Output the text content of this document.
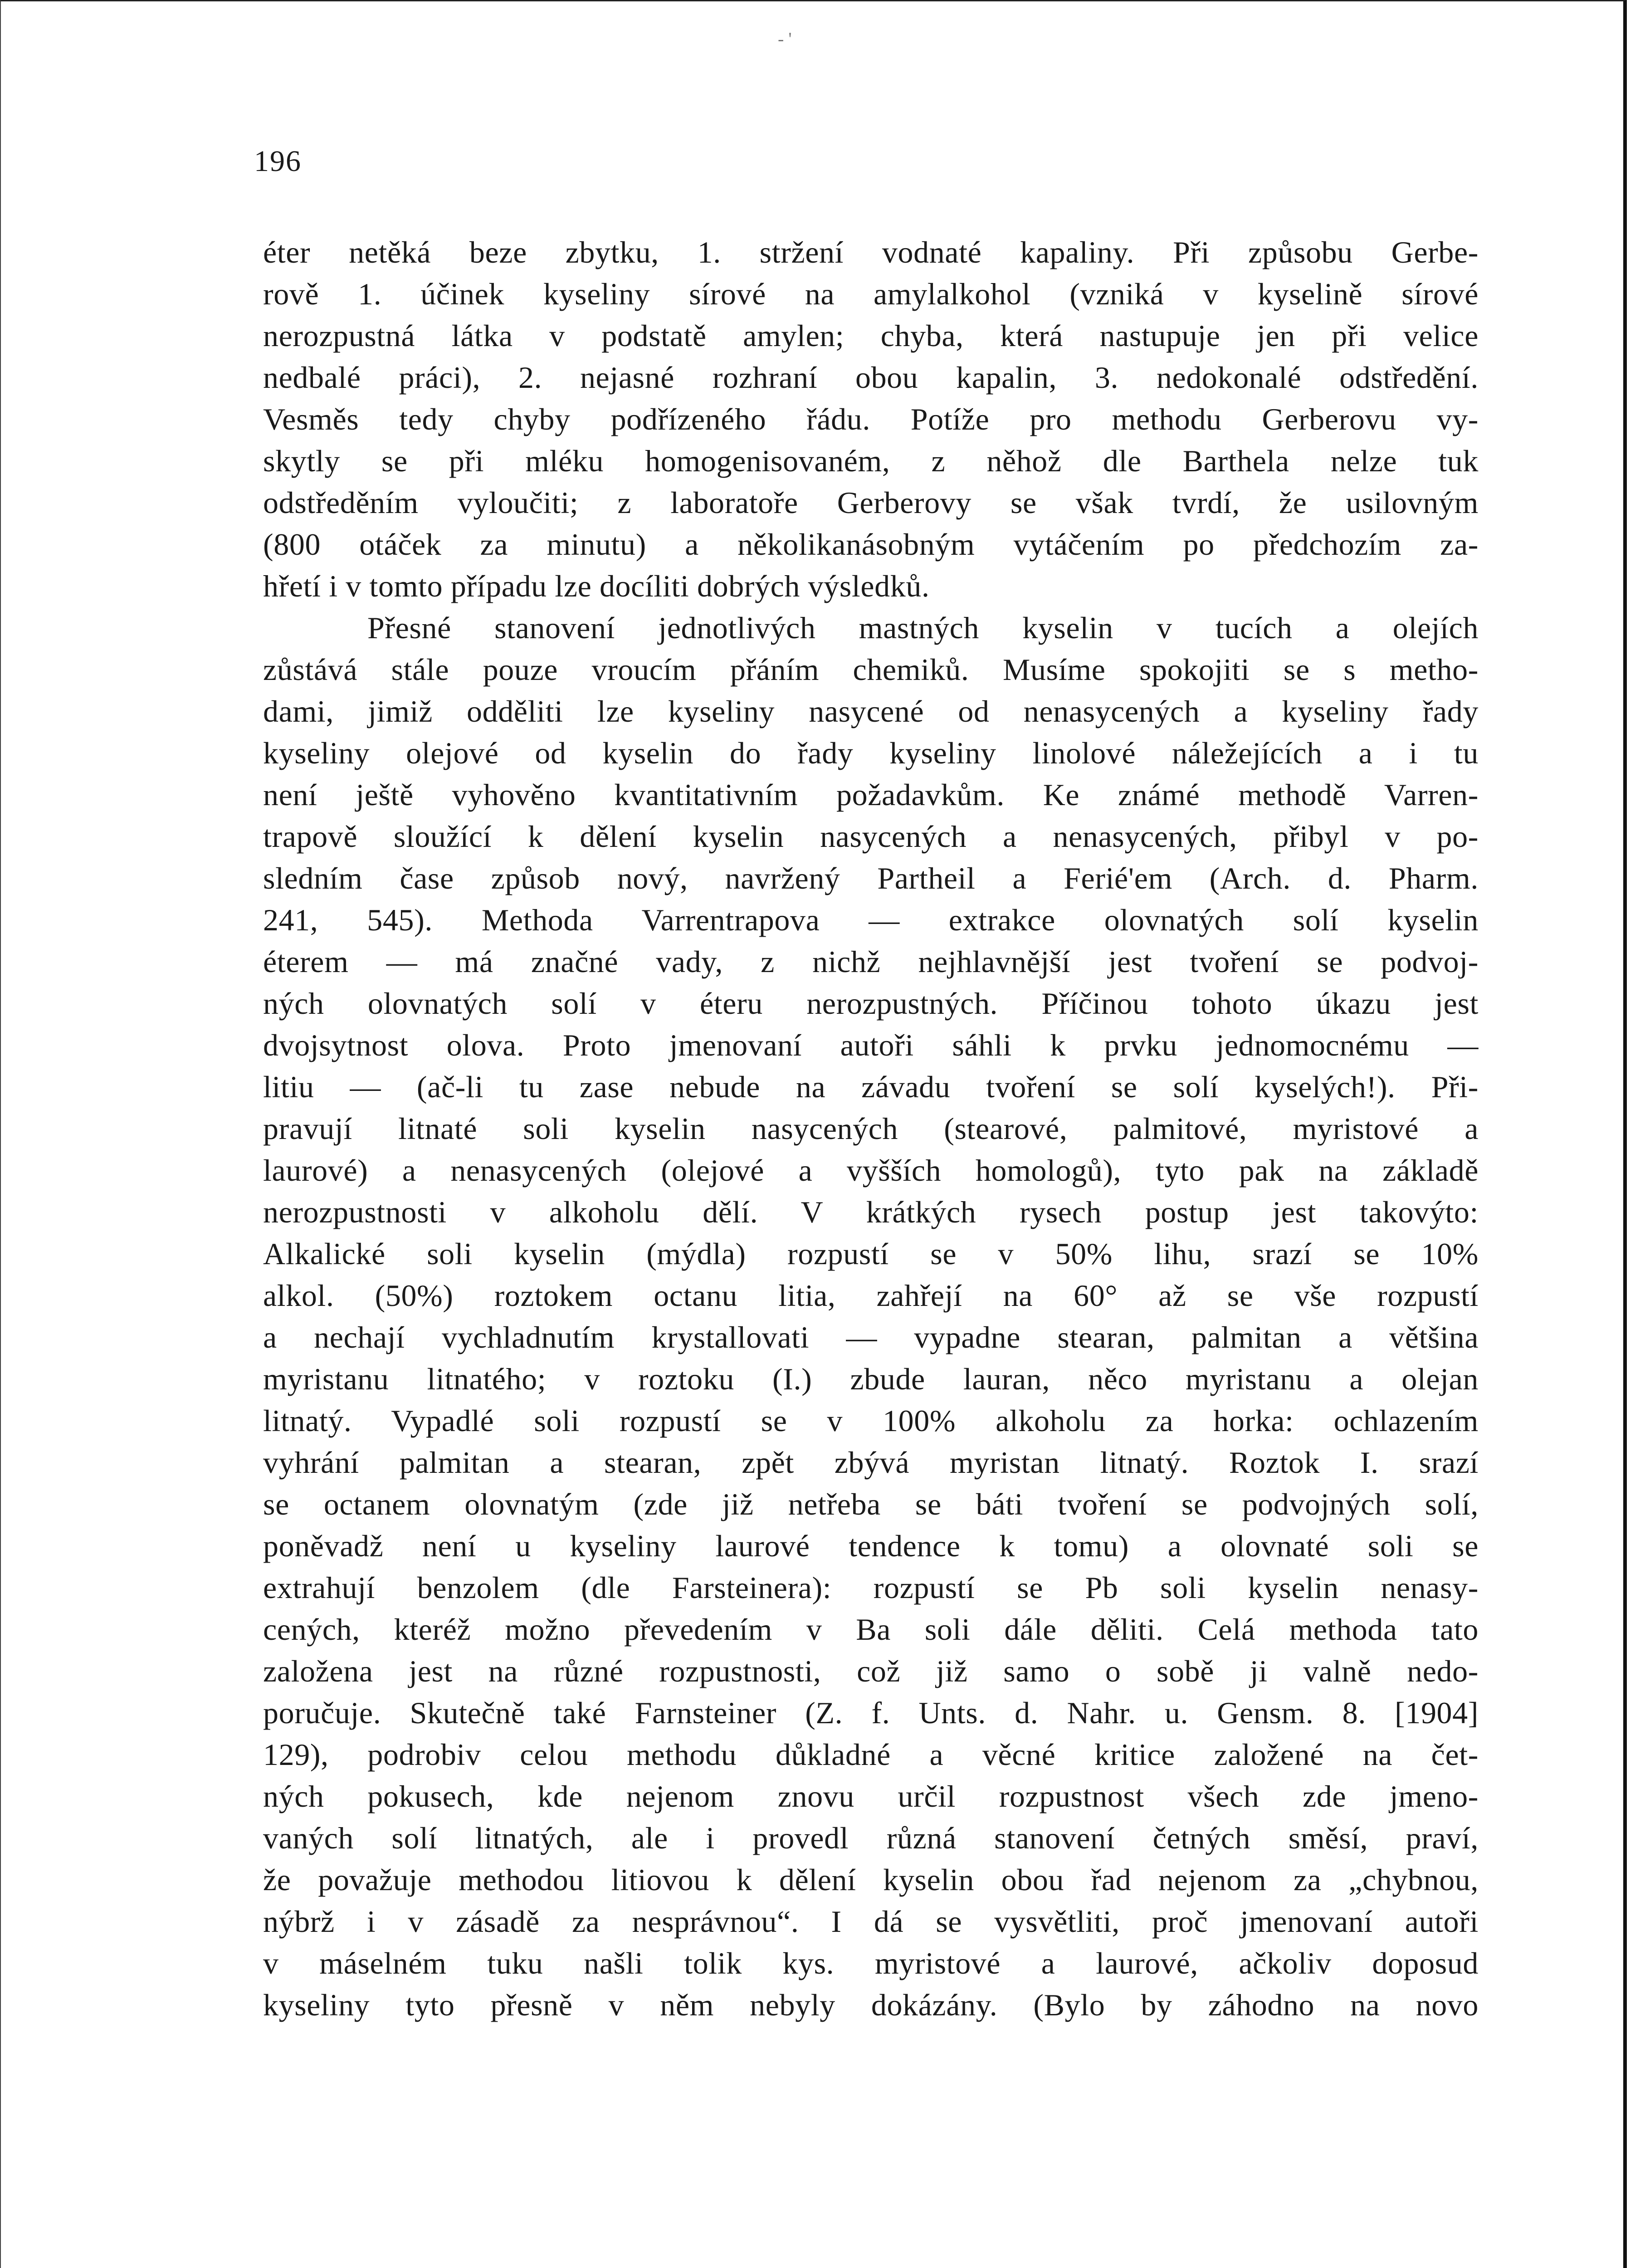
- '
196
éter netěká beze zbytku, 1. stržení vodnaté kapaliny. Při způsobu Gerbe-
rově 1. účinek kyseliny sírové na amylalkohol (vzniká v kyselině sírové
nerozpustná látka v podstatě amylen; chyba, která nastupuje jen při velice
nedbalé práci), 2. nejasné rozhraní obou kapalin, 3. nedokonalé odstředění.
Vesměs tedy chyby podřízeného řádu. Potíže pro methodu Gerberovu vy-
skytly se při mléku homogenisovaném, z něhož dle Barthela nelze tuk
odstředěním vyloučiti; z laboratoře Gerberovy se však tvrdí, že usilovným
(800 otáček za minutu) a několikanásobným vytáčením po předchozím za-
hřetí i v tomto případu lze docíliti dobrých výsledků.
Přesné stanovení jednotlivých mastných kyselin v tucích a olejích
zůstává stále pouze vroucím přáním chemiků. Musíme spokojiti se s metho-
dami, jimiž odděliti lze kyseliny nasycené od nenasycených a kyseliny řady
kyseliny olejové od kyselin do řady kyseliny linolové náležejících a i tu
není ještě vyhověno kvantitativním požadavkům. Ke známé methodě Varren-
trapově sloužící k dělení kyselin nasycených a nenasycených, přibyl v po-
sledním čase způsob nový, navržený Partheil a Ferié'em (Arch. d. Pharm.
241, 545). Methoda Varrentrapova — extrakce olovnatých solí kyselin
éterem — má značné vady, z nichž nejhlavnější jest tvoření se podvoj-
ných olovnatých solí v éteru nerozpustných. Příčinou tohoto úkazu jest
dvojsytnost olova. Proto jmenovaní autoři sáhli k prvku jednomocnému —
litiu — (ač-li tu zase nebude na závadu tvoření se solí kyselých!). Při-
pravují litnaté soli kyselin nasycených (stearové, palmitové, myristové a
laurové) a nenasycených (olejové a vyšších homologů), tyto pak na základě
nerozpustnosti v alkoholu dělí. V krátkých rysech postup jest takovýto:
Alkalické soli kyselin (mýdla) rozpustí se v 50% lihu, srazí se 10%
alkol. (50%) roztokem octanu litia, zahřejí na 60° až se vše rozpustí
a nechají vychladnutím krystallovati — vypadne stearan, palmitan a většina
myristanu litnatého; v roztoku (I.) zbude lauran, něco myristanu a olejan
litnatý. Vypadlé soli rozpustí se v 100% alkoholu za horka: ochlazením
vyhrání palmitan a stearan, zpět zbývá myristan litnatý. Roztok I. srazí
se octanem olovnatým (zde již netřeba se báti tvoření se podvojných solí,
poněvadž není u kyseliny laurové tendence k tomu) a olovnaté soli se
extrahují benzolem (dle Farsteinera): rozpustí se Pb soli kyselin nenasy-
cených, kteréž možno převedením v Ba soli dále děliti. Celá methoda tato
založena jest na různé rozpustnosti, což již samo o sobě ji valně nedo-
poručuje. Skutečně také Farnsteiner (Z. f. Unts. d. Nahr. u. Gensm. 8. [1904]
129), podrobiv celou methodu důkladné a věcné kritice založené na čet-
ných pokusech, kde nejenom znovu určil rozpustnost všech zde jmeno-
vaných solí litnatých, ale i provedl různá stanovení četných směsí, praví,
že považuje methodou litiovou k dělení kyselin obou řad nejenom za „chybnou,
nýbrž i v zásadě za nesprávnou“. I dá se vysvětliti, proč jmenovaní autoři
v máselném tuku našli tolik kys. myristové a laurové, ačkoliv doposud
kyseliny tyto přesně v něm nebyly dokázány. (Bylo by záhodno na novo
